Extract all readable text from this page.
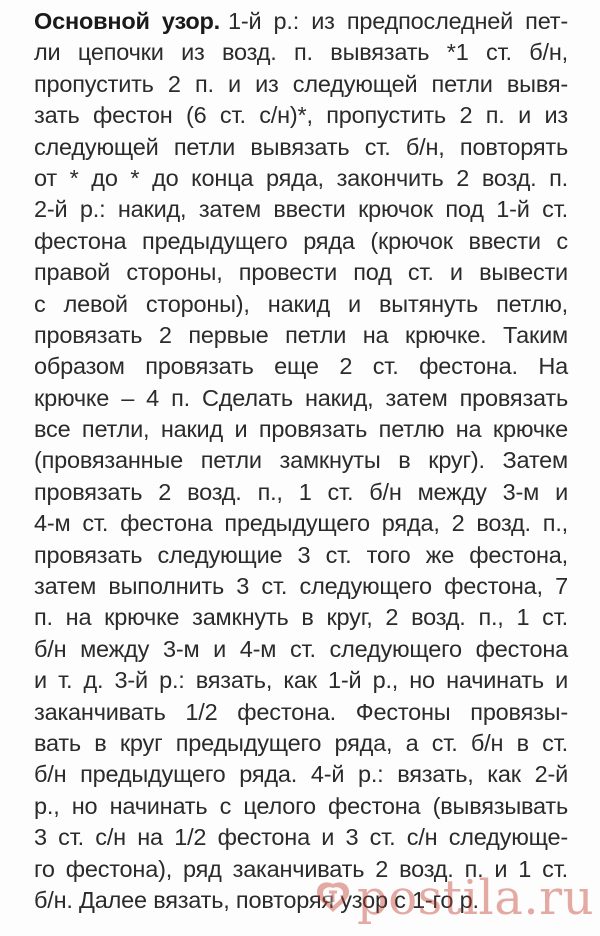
Основной узор. 1-й р.: из предпоследней пет-
ли цепочки из возд. п. вывязать *1 ст. б/н,
пропустить 2 п. и из следующей петли вывя-
зать фестон (6 ст. с/н)*, пропустить 2 п. и из
следующей петли вывязать ст. б/н, повторять
от * до * до конца ряда, закончить 2 возд. п.
2-й р.: накид, затем ввести крючок под 1-й ст.
фестона предыдущего ряда (крючок ввести с
правой стороны, провести под ст. и вывести
с левой стороны), накид и вытянуть петлю,
провязать 2 первые петли на крючке. Таким
образом провязать еще 2 ст. фестона. На
крючке – 4 п. Сделать накид, затем провязать
все петли, накид и провязать петлю на крючке
(провязанные петли замкнуты в круг). Затем
провязать 2 возд. п., 1 ст. б/н между 3-м и
4-м ст. фестона предыдущего ряда, 2 возд. п.,
провязать следующие 3 ст. того же фестона,
затем выполнить 3 ст. следующего фестона, 7
п. на крючке замкнуть в круг, 2 возд. п., 1 ст.
б/н между 3-м и 4-м ст. следующего фестона
и т. д. 3-й р.: вязать, как 1-й р., но начинать и
заканчивать 1/2 фестона. Фестоны провязы-
вать в круг предыдущего ряда, а ст. б/н в ст.
б/н предыдущего ряда. 4-й р.: вязать, как 2-й
р., но начинать с целого фестона (вывязывать
3 ст. с/н на 1/2 фестона и 3 ст. с/н следующе-
го фестона), ряд заканчивать 2 возд. п. и 1 ст.
б/н. Далее вязать, повторяя узор с 1-го р.
postila.ru
